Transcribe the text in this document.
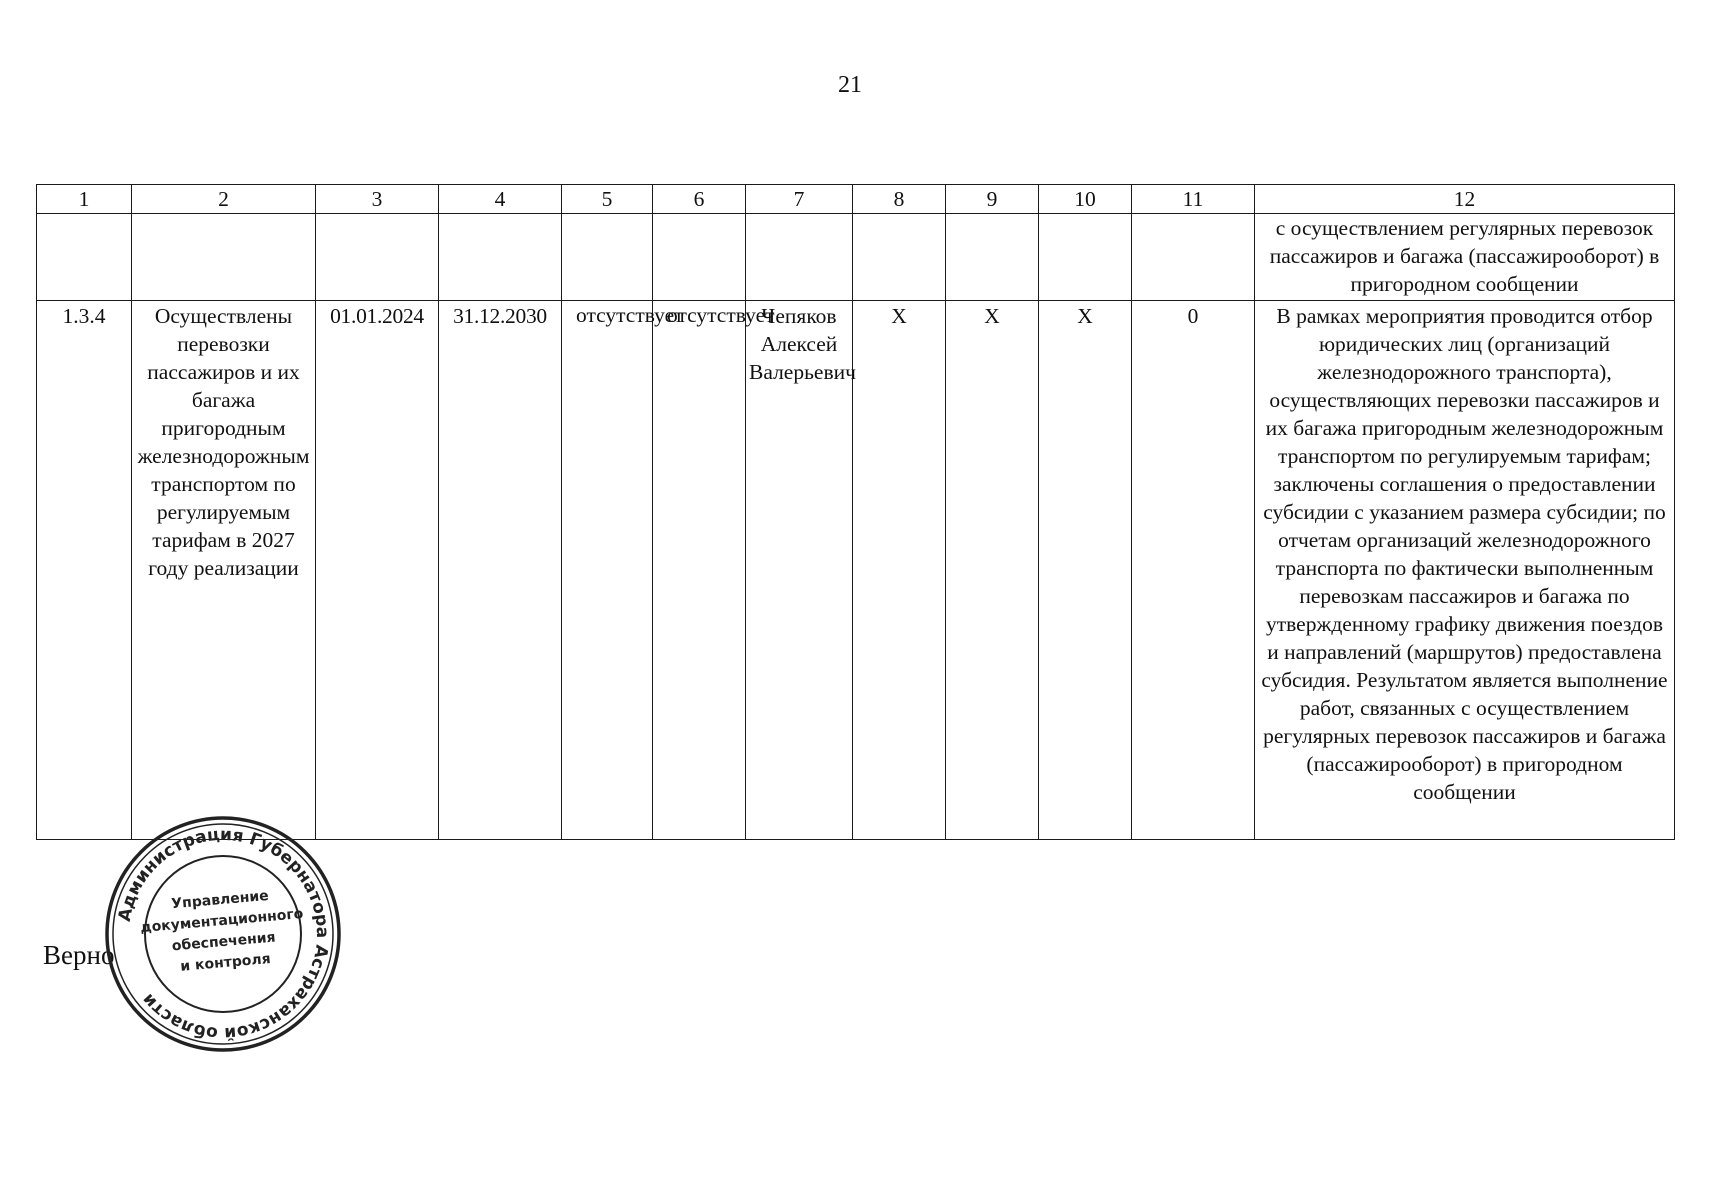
21
1	2	3	4	5	6	7	8	9	10	11	12
											с осуществлением регулярных перевозок пассажиров и багажа (пассажирооборот) в пригородном сообщении
1.3.4	Осуществлены перевозки пассажиров и их багажа пригородным железнодорожным транспортом по регулируемым тарифам в 2027 году реализации	01.01.2024	31.12.2030	отсутствует	отсутствует	Чепяков Алексей Валерьевич	X	X	X	0	В рамках мероприятия проводится отбор юридических лиц (организаций железнодорожного транспорта), осуществляющих перевозки пассажиров и их багажа пригородным железнодорожным транспортом по регулируемым тарифам; заключены соглашения о предоставлении субсидии с указанием размера субсидии; по отчетам организаций железнодорожного транспорта по фактически выполненным перевозкам пассажиров и багажа по утвержденному графику движения поездов и направлений (маршрутов) предоставлена субсидия. Результатом является выполнение работ, связанных с осуществлением регулярных перевозок пассажиров и багажа (пассажирооборот) в пригородном сообщении
Верно
Администрация Губернатора Астраханской области
Управление
документационного
обеспечения
и контроля
